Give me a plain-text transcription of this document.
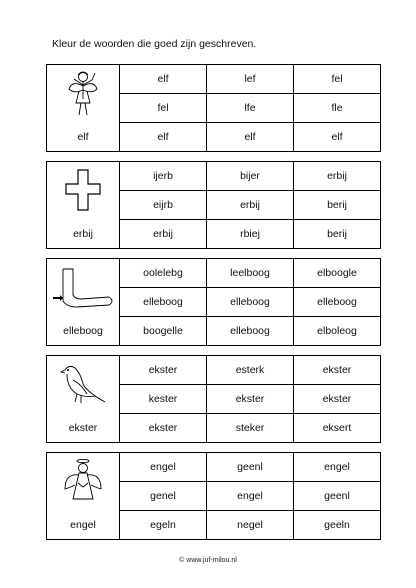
Kleur de woorden die goed zijn geschreven.
	elf	lef	fel
	fel	lfe	fle
elf	elf	elf	elf
	ijerb	bijer	erbij
	eijrb	erbij	berij
erbij	erbij	rbiej	berij
	oolelebg	leelboog	elboogle
	elleboog	elleboog	elleboog
elleboog	boogelle	elleboog	elboleog
	ekster	esterk	ekster
	kester	ekster	ekster
ekster	ekster	steker	eksert
	engel	geenl	engel
	genel	engel	geenl
engel	egeln	negel	geeln
© www.juf-milou.nl
